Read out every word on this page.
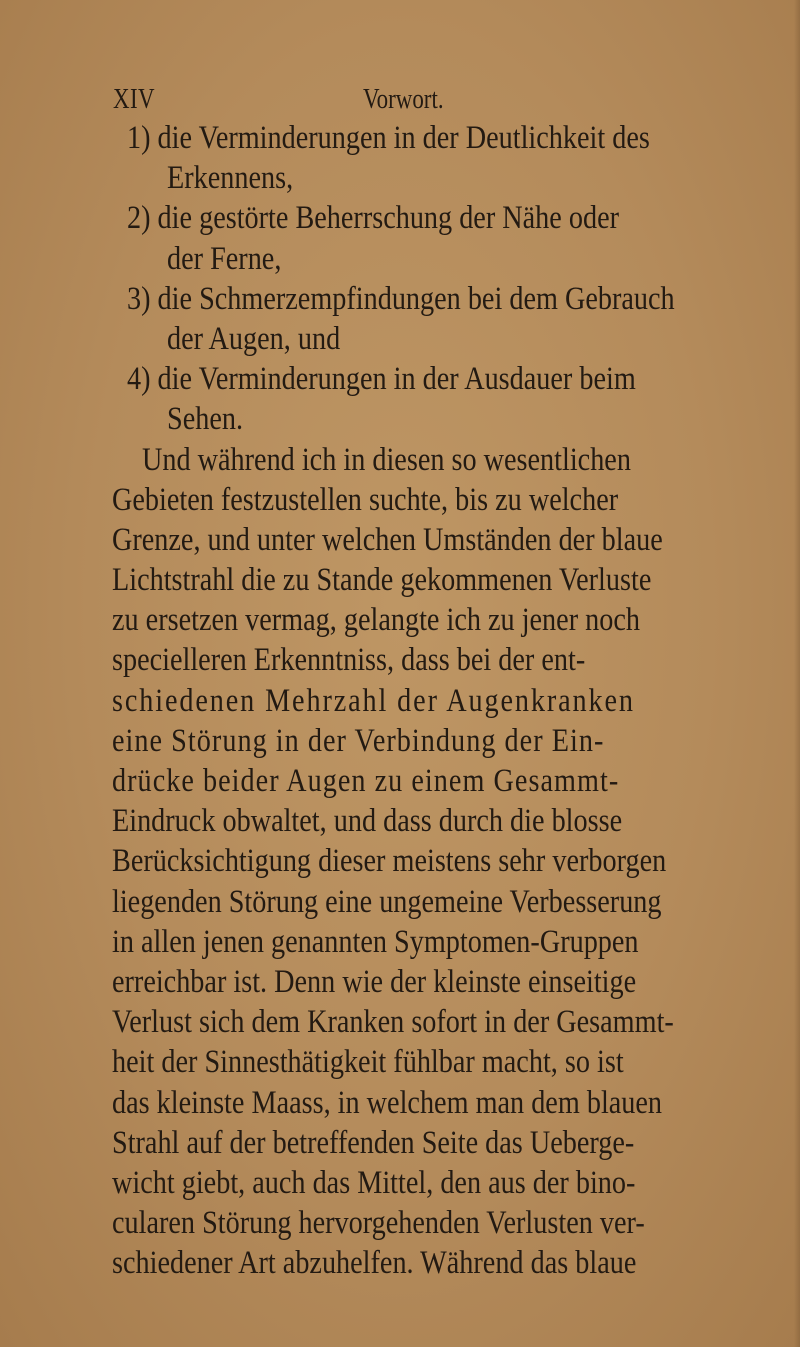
XIV	Vorwort.
1) die Verminderungen in der Deutlichkeit des
Erkennens,
2) die gestörte Beherrschung der Nähe oder
der Ferne,
3) die Schmerzempfindungen bei dem Gebrauch
der Augen, und
4) die Verminderungen in der Ausdauer beim
Sehen.
Und während ich in diesen so wesentlichen
Gebieten festzustellen suchte, bis zu welcher
Grenze, und unter welchen Umständen der blaue
Lichtstrahl die zu Stande gekommenen Verluste
zu ersetzen vermag, gelangte ich zu jener noch
specielleren Erkenntniss, dass bei der ent-
schiedenen Mehrzahl der Augenkranken
eine Störung in der Verbindung der Ein-
drücke beider Augen zu einem Gesammt-
Eindruck obwaltet, und dass durch die blosse
Berücksichtigung dieser meistens sehr verborgen
liegenden Störung eine ungemeine Verbesserung
in allen jenen genannten Symptomen-Gruppen
erreichbar ist. Denn wie der kleinste einseitige
Verlust sich dem Kranken sofort in der Gesammt-
heit der Sinnesthätigkeit fühlbar macht, so ist
das kleinste Maass, in welchem man dem blauen
Strahl auf der betreffenden Seite das Ueberge-
wicht giebt, auch das Mittel, den aus der bino-
cularen Störung hervorgehenden Verlusten ver-
schiedener Art abzuhelfen. Während das blaue
